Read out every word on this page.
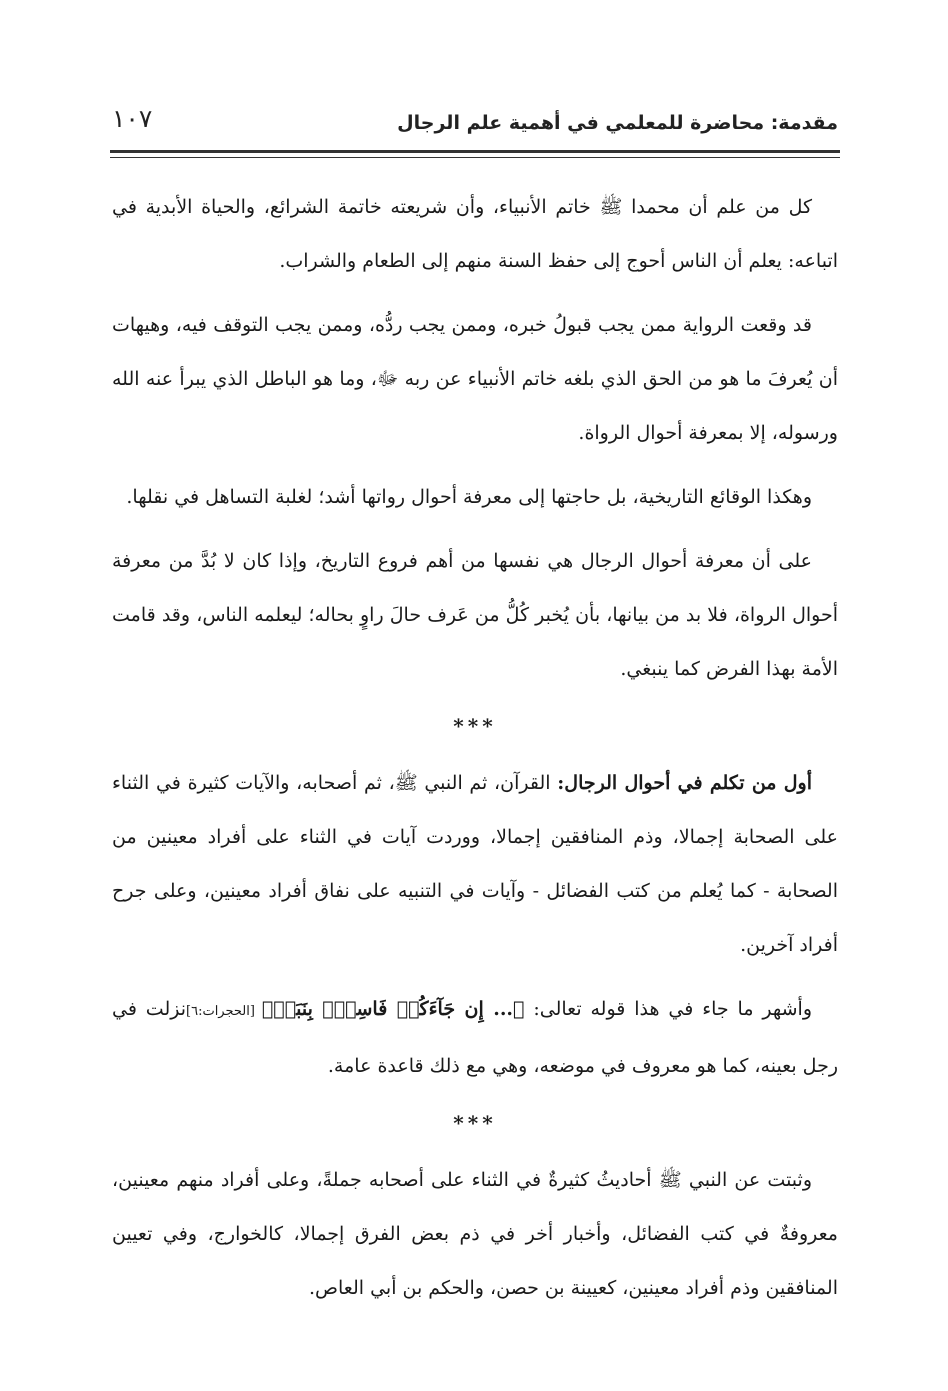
مقدمة: محاضرة للمعلمي في أهمية علم الرجال
١٠٧

كل من علم أن محمدا ﷺ خاتم الأنبياء، وأن شريعته خاتمة الشرائع، والحياة الأبدية في اتباعه: يعلم أن الناس أحوج إلى حفظ السنة منهم إلى الطعام والشراب.

قد وقعت الرواية ممن يجب قبولُ خبره، وممن يجب ردُّه، وممن يجب التوقف فيه، وهيهات أن يُعرفَ ما هو من الحق الذي بلغه خاتم الأنبياء عن ربه ﷻ، وما هو الباطل الذي يبرأ عنه الله ورسوله، إلا بمعرفة أحوال الرواة.

وهكذا الوقائع التاريخية، بل حاجتها إلى معرفة أحوال رواتها أشد؛ لغلبة التساهل في نقلها.

على أن معرفة أحوال الرجال هي نفسها من أهم فروع التاريخ، وإذا كان لا بُدَّ من معرفة أحوال الرواة، فلا بد من بيانها، بأن يُخبر كُلُّ من عَرف حالَ راوٍ بحاله؛ ليعلمه الناس، وقد قامت الأمة بهذا الفرض كما ينبغي.

***

أول من تكلم في أحوال الرجال: القرآن، ثم النبي ﷺ، ثم أصحابه، والآيات كثيرة في الثناء على الصحابة إجمالا، وذم المنافقين إجمالا، ووردت آيات في الثناء على أفراد معينين من الصحابة - كما يُعلم من كتب الفضائل - وآيات في التنبيه على نفاق أفراد معينين، وعلى جرح أفراد آخرين.

وأشهر ما جاء في هذا قوله تعالى: ﴿... إِن جَآءَكُمۡ فَاسِقُۢ بِنَبَإٖ﴾ [الحجرات:٦]نزلت في رجل بعينه، كما هو معروف في موضعه، وهي مع ذلك قاعدة عامة.

***

وثبتت عن النبي ﷺ أحاديثُ كثيرةٌ في الثناء على أصحابه جملةً، وعلى أفراد منهم معينين، معروفةٌ في كتب الفضائل، وأخبار أخر في ذم بعض الفرق إجمالا، كالخوارج، وفي تعيين المنافقين وذم أفراد معينين، كعيينة بن حصن، والحكم بن أبي العاص.
